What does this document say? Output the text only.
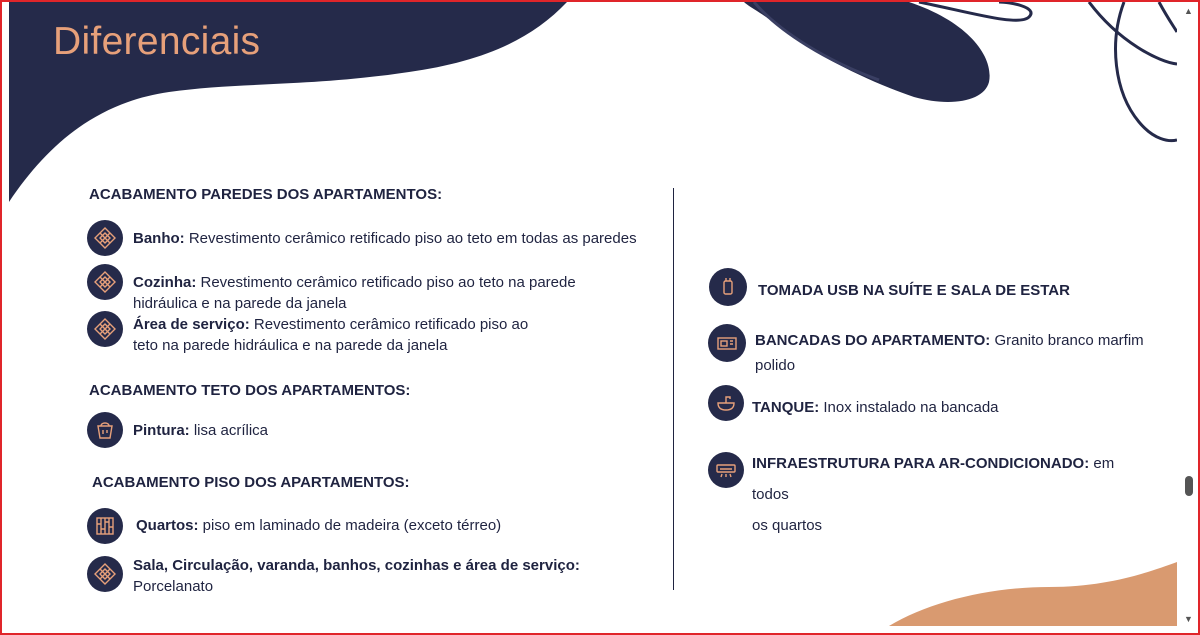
Diferenciais
ACABAMENTO PAREDES DOS APARTAMENTOS:
Banho: Revestimento cerâmico retificado piso ao teto em todas as paredes
Cozinha: Revestimento cerâmico retificado piso ao teto na parede
hidráulica e na parede da janela
Área de serviço: Revestimento cerâmico retificado piso ao
teto na parede hidráulica e na parede da janela
ACABAMENTO TETO DOS APARTAMENTOS:
Pintura: lisa acrílica
ACABAMENTO PISO DOS APARTAMENTOS:
Quartos: piso em laminado de madeira (exceto térreo)
Sala, Circulação, varanda, banhos, cozinhas e área de serviço:
Porcelanato
TOMADA USB NA SUÍTE E SALA DE ESTAR
BANCADAS DO APARTAMENTO: Granito branco marfim
polido
TANQUE: Inox instalado na bancada
INFRAESTRUTURA PARA AR-CONDICIONADO: em todos
os quartos
▲
▼
